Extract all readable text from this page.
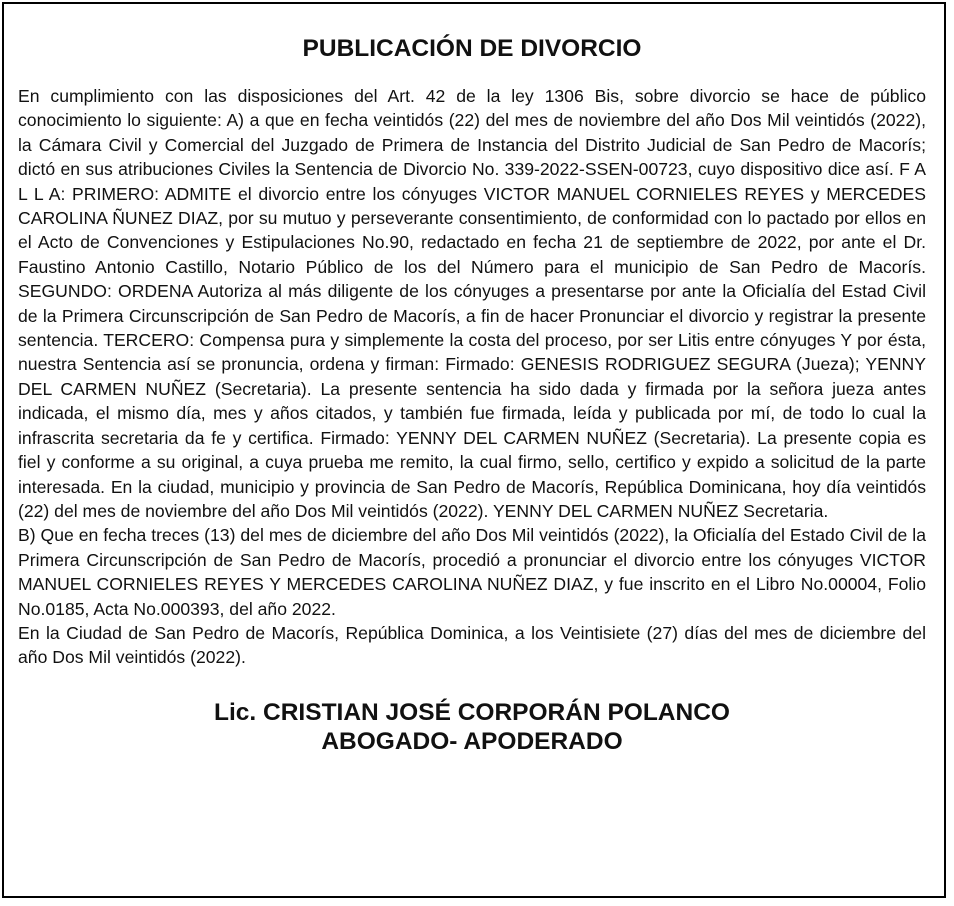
PUBLICACIÓN DE DIVORCIO

En cumplimiento con las disposiciones del Art. 42 de la ley 1306 Bis, sobre divorcio se hace de público conocimiento lo siguiente: A) a que en fecha veintidós (22) del mes de noviembre del año Dos Mil veintidós (2022), la Cámara Civil y Comercial del Juzgado de Primera de Instancia del Distrito Judicial de San Pedro de Macorís; dictó en sus atribuciones Civiles la Sentencia de Divorcio No. 339-2022-SSEN-00723, cuyo dispositivo dice así. F A L L A: PRIMERO: ADMITE el divorcio entre los cónyuges VICTOR MANUEL CORNIELES REYES y MERCEDES CAROLINA ÑUNEZ DIAZ, por su mutuo y perseverante consentimiento, de conformidad con lo pactado por ellos en el Acto de Convenciones y Estipulaciones No.90, redactado en fecha 21 de septiembre de 2022, por ante el Dr. Faustino Antonio Castillo, Notario Público de los del Número para el municipio de San Pedro de Macorís. SEGUNDO: ORDENA Autoriza al más diligente de los cónyuges a presentarse por ante la Oficialía del Estad Civil de la Primera Circunscripción de San Pedro de Macorís, a fin de hacer Pronunciar el divorcio y registrar la presente sentencia. TERCERO: Compensa pura y simplemente la costa del proceso, por ser Litis entre cónyuges Y por ésta, nuestra Sentencia así se pronuncia, ordena y firman: Firmado: GENESIS RODRIGUEZ SEGURA (Jueza); YENNY DEL CARMEN NUÑEZ (Secretaria). La presente sentencia ha sido dada y firmada por la señora jueza antes indicada, el mismo día, mes y años citados, y también fue firmada, leída y publicada por mí, de todo lo cual la infrascrita secretaria da fe y certifica. Firmado: YENNY DEL CARMEN NUÑEZ (Secretaria). La presente copia es fiel y conforme a su original, a cuya prueba me remito, la cual firmo, sello, certifico y expido a solicitud de la parte interesada. En la ciudad, municipio y provincia de San Pedro de Macorís, República Dominicana, hoy día veintidós (22) del mes de noviembre del año Dos Mil veintidós (2022). YENNY DEL CARMEN NUÑEZ Secretaria.

B) Que en fecha treces (13) del mes de diciembre del año Dos Mil veintidós (2022), la Oficialía del Estado Civil de la Primera Circunscripción de San Pedro de Macorís, procedió a pronunciar el divorcio entre los cónyuges VICTOR MANUEL CORNIELES REYES Y MERCEDES CAROLINA NUÑEZ DIAZ, y fue inscrito en el Libro No.00004, Folio No.0185, Acta No.000393, del año 2022.

En la Ciudad de San Pedro de Macorís, República Dominica, a los Veintisiete (27) días del mes de diciembre del año Dos Mil veintidós (2022).

Lic. CRISTIAN JOSÉ CORPORÁN POLANCO
ABOGADO- APODERADO
